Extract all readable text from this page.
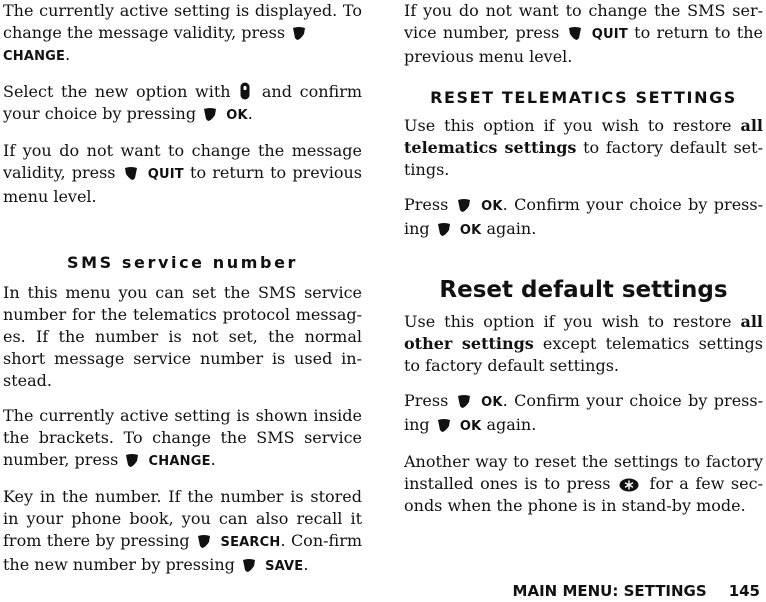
The currently active setting is displayed. To change the message validity, press

CHANGE.

Select the new option with and confirm your choice by pressing OK.

If you do not want to change the message validity, press QUIT to return to previous menu level.

SMS service number

In this menu you can set the SMS service number for the telematics protocol messag-es. If the number is not set, the normal short message service number is used in-stead.

The currently active setting is shown inside the brackets. To change the SMS service number, press CHANGE.

Key in the number. If the number is stored in your phone book, you can also recall it from there by pressing SEARCH. Con-firm the new number by pressing SAVE.

If you do not want to change the SMS ser-vice number, press QUIT to return to the previous menu level.

RESET TELEMATICS SETTINGS

Use this option if you wish to restore all telematics settings to factory default set-tings.

Press	OK. Confirm your choice by press-ing OK again.

Reset default settings

Use this option if you wish to restore all other settings except telematics settings to factory default settings.

Press	OK. Confirm your choice by press-ing OK again.

Another way to reset the settings to factory installed ones is to press for a few sec-onds when the phone is in stand-by mode.

MAIN MENU: SETTINGS 145
